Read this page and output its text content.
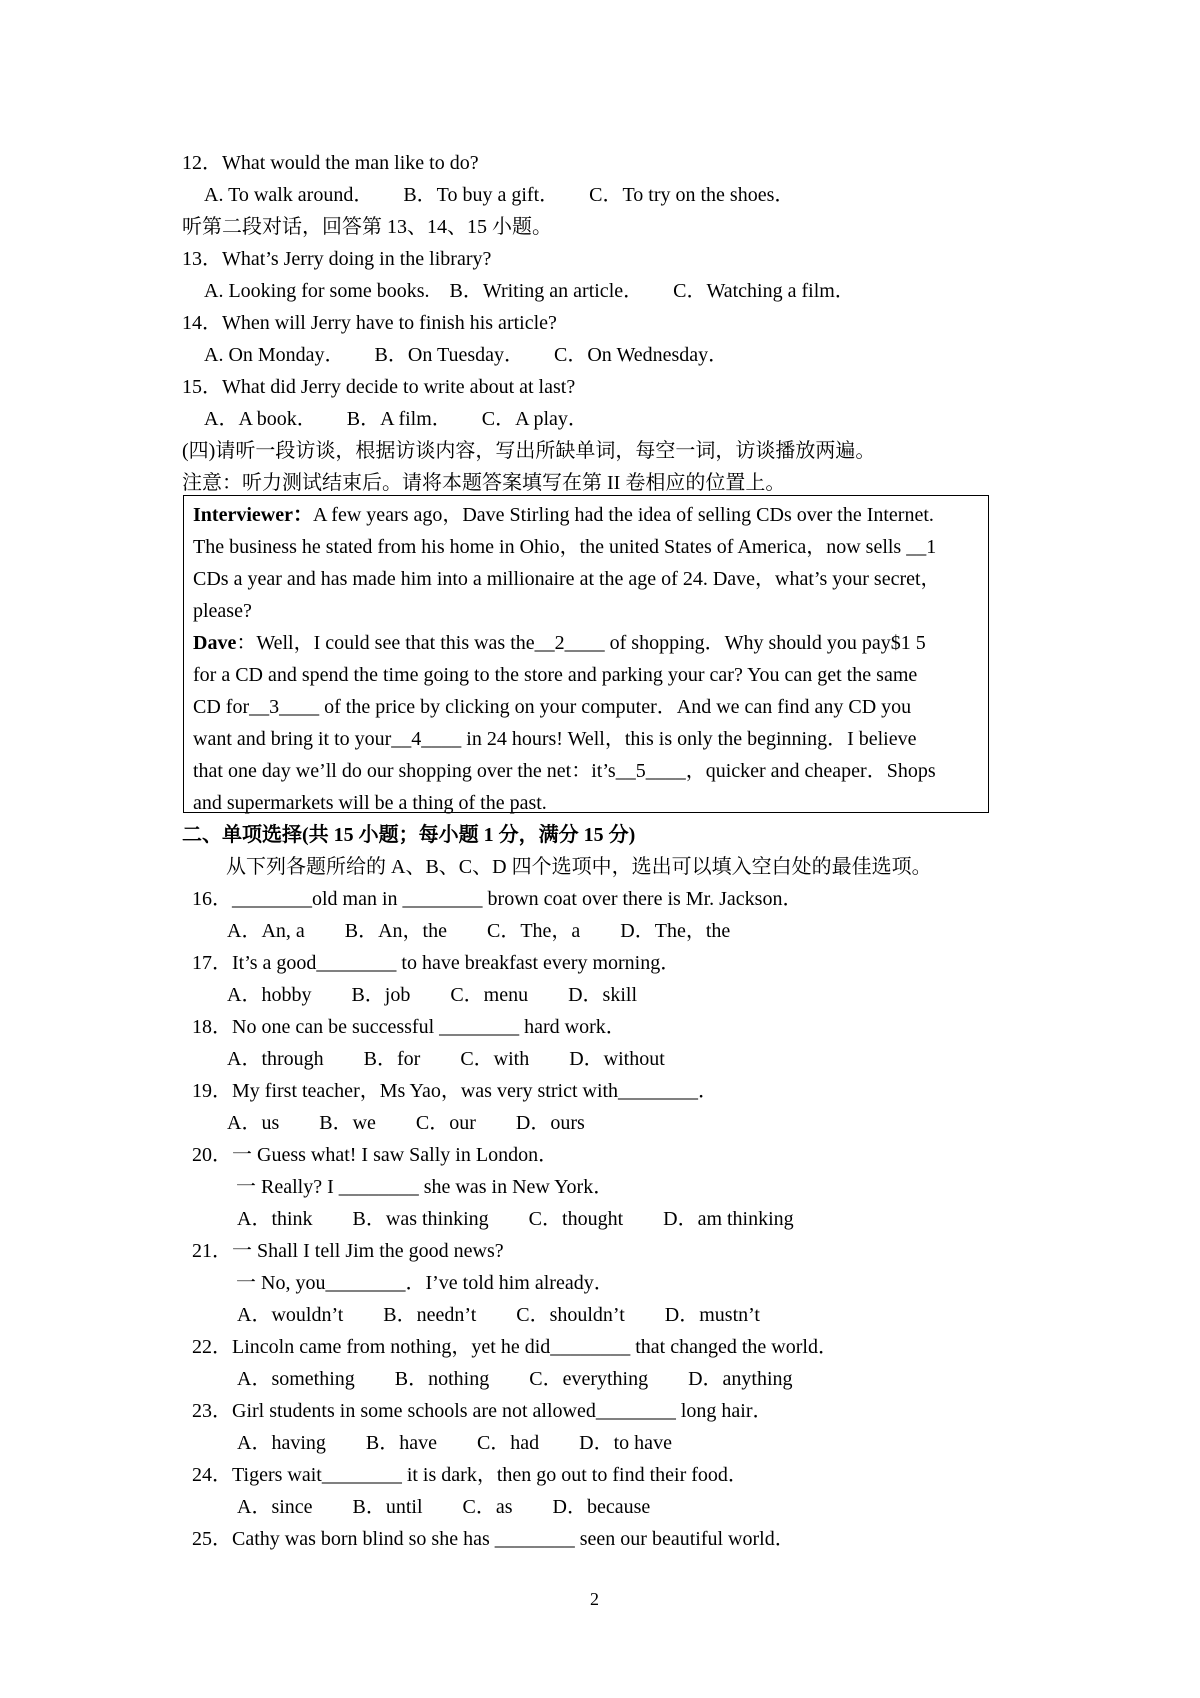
12．What would the man like to do?
A. To walk around．　　B．To buy a gift．　　C．To try on the shoes．
听第二段对话，回答第 13、14、15 小题。
13．What’s Jerry doing in the library?
A. Looking for some books.　B．Writing an article．　　C．Watching a film．
14．When will Jerry have to finish his article?
A. On Monday．　　B．On Tuesday．　　C．On Wednesday．
15．What did Jerry decide to write about at last?
A．A book．　　B．A film．　　C．A play．
(四)请听一段访谈，根据访谈内容，写出所缺单词，每空一词，访谈播放两遍。
注意：听力测试结束后。请将本题答案填写在第 II 卷相应的位置上。
Interviewer：A few years ago，Dave Stirling had the idea of selling CDs over the Internet.
The business he stated from his home in Ohio，the united States of America，now sells __1
CDs a year and has made him into a millionaire at the age of 24. Dave，what’s your secret，
please?
Dave：Well，I could see that this was the__2____ of shopping．Why should you pay$1 5
for a CD and spend the time going to the store and parking your car? You can get the same
CD for__3____ of the price by clicking on your computer．And we can find any CD you
want and bring it to your__4____ in 24 hours! Well，this is only the beginning．I believe
that one day we’ll do our shopping over the net：it’s__5____，quicker and cheaper．Shops
and supermarkets will be a thing of the past.
二、单项选择(共 15 小题；每小题 1 分，满分 15 分)
从下列各题所给的 A、B、C、D 四个选项中，选出可以填入空白处的最佳选项。
16．________old man in ________ brown coat over there is Mr. Jackson．
A．An, a　　B．An，the　　C．The，a　　D．The，the
17．It’s a good________ to have breakfast every morning．
A．hobby　　B．job　　C．menu　　D．skill
18．No one can be successful ________ hard work．
A．through　　B．for　　C．with　　D．without
19．My first teacher，Ms Yao，was very strict with________．
A．us　　B．we　　C．our　　D．ours
20．一 Guess what! I saw Sally in London．
一 Really? I ________ she was in New York．
A．think　　B．was thinking　　C．thought　　D．am thinking
21．一 Shall I tell Jim the good news?
一 No, you________．I’ve told him already．
A．wouldn’t　　B．needn’t　　C．shouldn’t　　D．mustn’t
22．Lincoln came from nothing，yet he did________ that changed the world．
A．something　　B．nothing　　C．everything　　D．anything
23．Girl students in some schools are not allowed________ long hair．
A．having　　B．have　　C．had　　D．to have
24．Tigers wait________ it is dark，then go out to find their food．
A．since　　B．until　　C．as　　D．because
25．Cathy was born blind so she has ________ seen our beautiful world．
2
